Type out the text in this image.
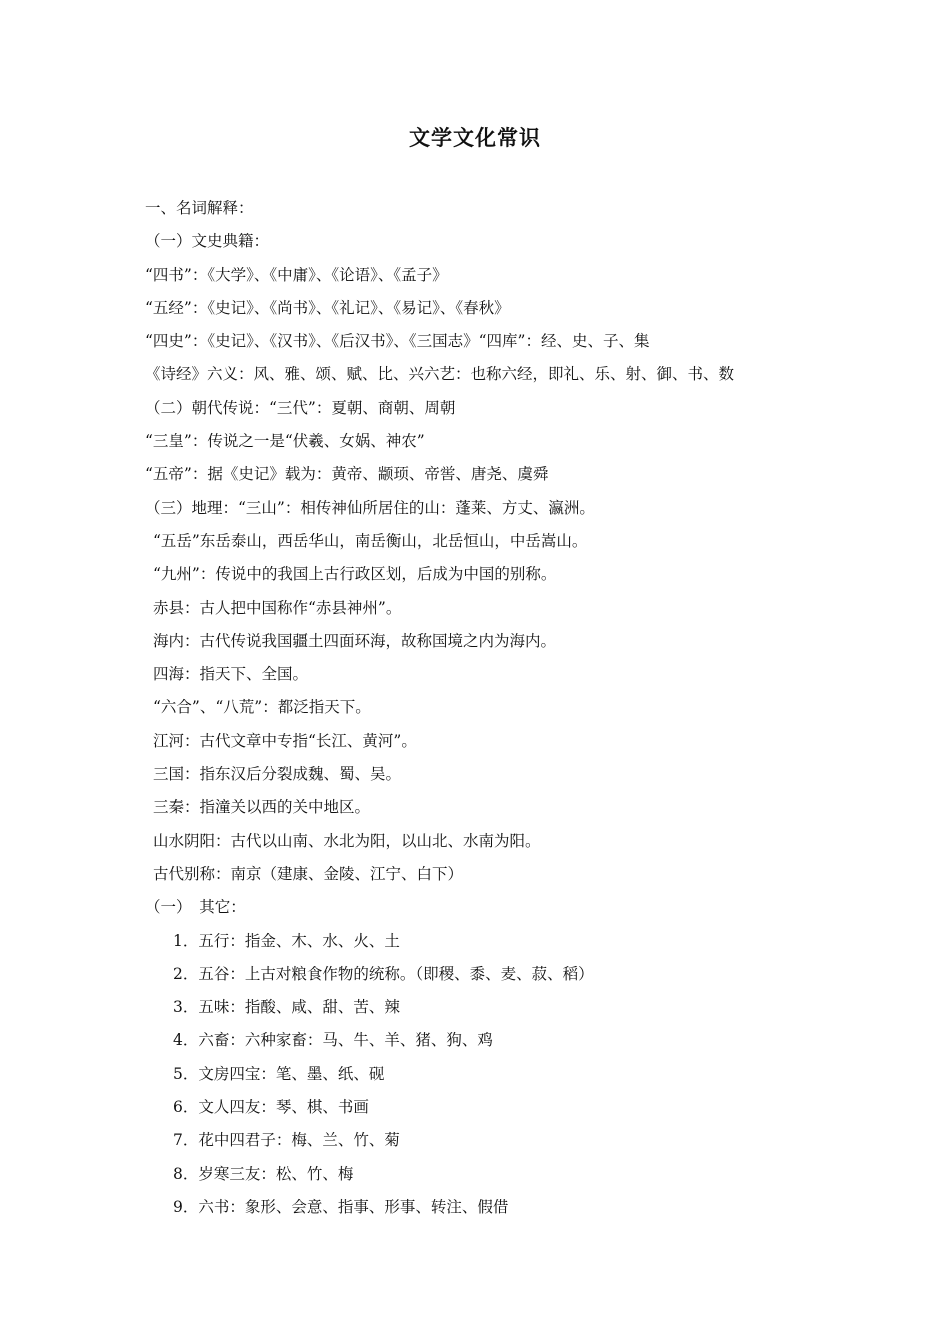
文学文化常识
一、名词解释：
（一）文史典籍：
“四书”：《大学》、《中庸》、《论语》、《孟子》
“五经”：《史记》、《尚书》、《礼记》、《易记》、《春秋》
“四史”：《史记》、《汉书》、《后汉书》、《三国志》“四库”：经、史、子、集
《诗经》六义：风、雅、颂、赋、比、兴六艺：也称六经，即礼、乐、射、御、书、数
（二）朝代传说：“三代”：夏朝、商朝、周朝
“三皇”：传说之一是“伏羲、女娲、神农”
“五帝”：据《史记》载为：黄帝、颛顼、帝喾、唐尧、虞舜
（三）地理：“三山”：相传神仙所居住的山：蓬莱、方丈、瀛洲。
“五岳”东岳泰山，西岳华山，南岳衡山，北岳恒山，中岳嵩山。
“九州”：传说中的我国上古行政区划，后成为中国的别称。
赤县：古人把中国称作“赤县神州”。
海内：古代传说我国疆土四面环海，故称国境之内为海内。
四海：指天下、全国。
“六合”、“八荒”：都泛指天下。
江河：古代文章中专指“长江、黄河”。
三国：指东汉后分裂成魏、蜀、吴。
三秦：指潼关以西的关中地区。
山水阴阳：古代以山南、水北为阳，以山北、水南为阳。
古代别称：南京（建康、金陵、江宁、白下）
（一）　其它：
1．五行：指金、木、水、火、土
2．五谷：上古对粮食作物的统称。（即稷、黍、麦、菽、稻）
3．五味：指酸、咸、甜、苦、辣
4．六畜：六种家畜：马、牛、羊、猪、狗、鸡
5．文房四宝：笔、墨、纸、砚
6．文人四友：琴、棋、书画
7．花中四君子：梅、兰、竹、菊
8．岁寒三友：松、竹、梅
9．六书：象形、会意、指事、形事、转注、假借
